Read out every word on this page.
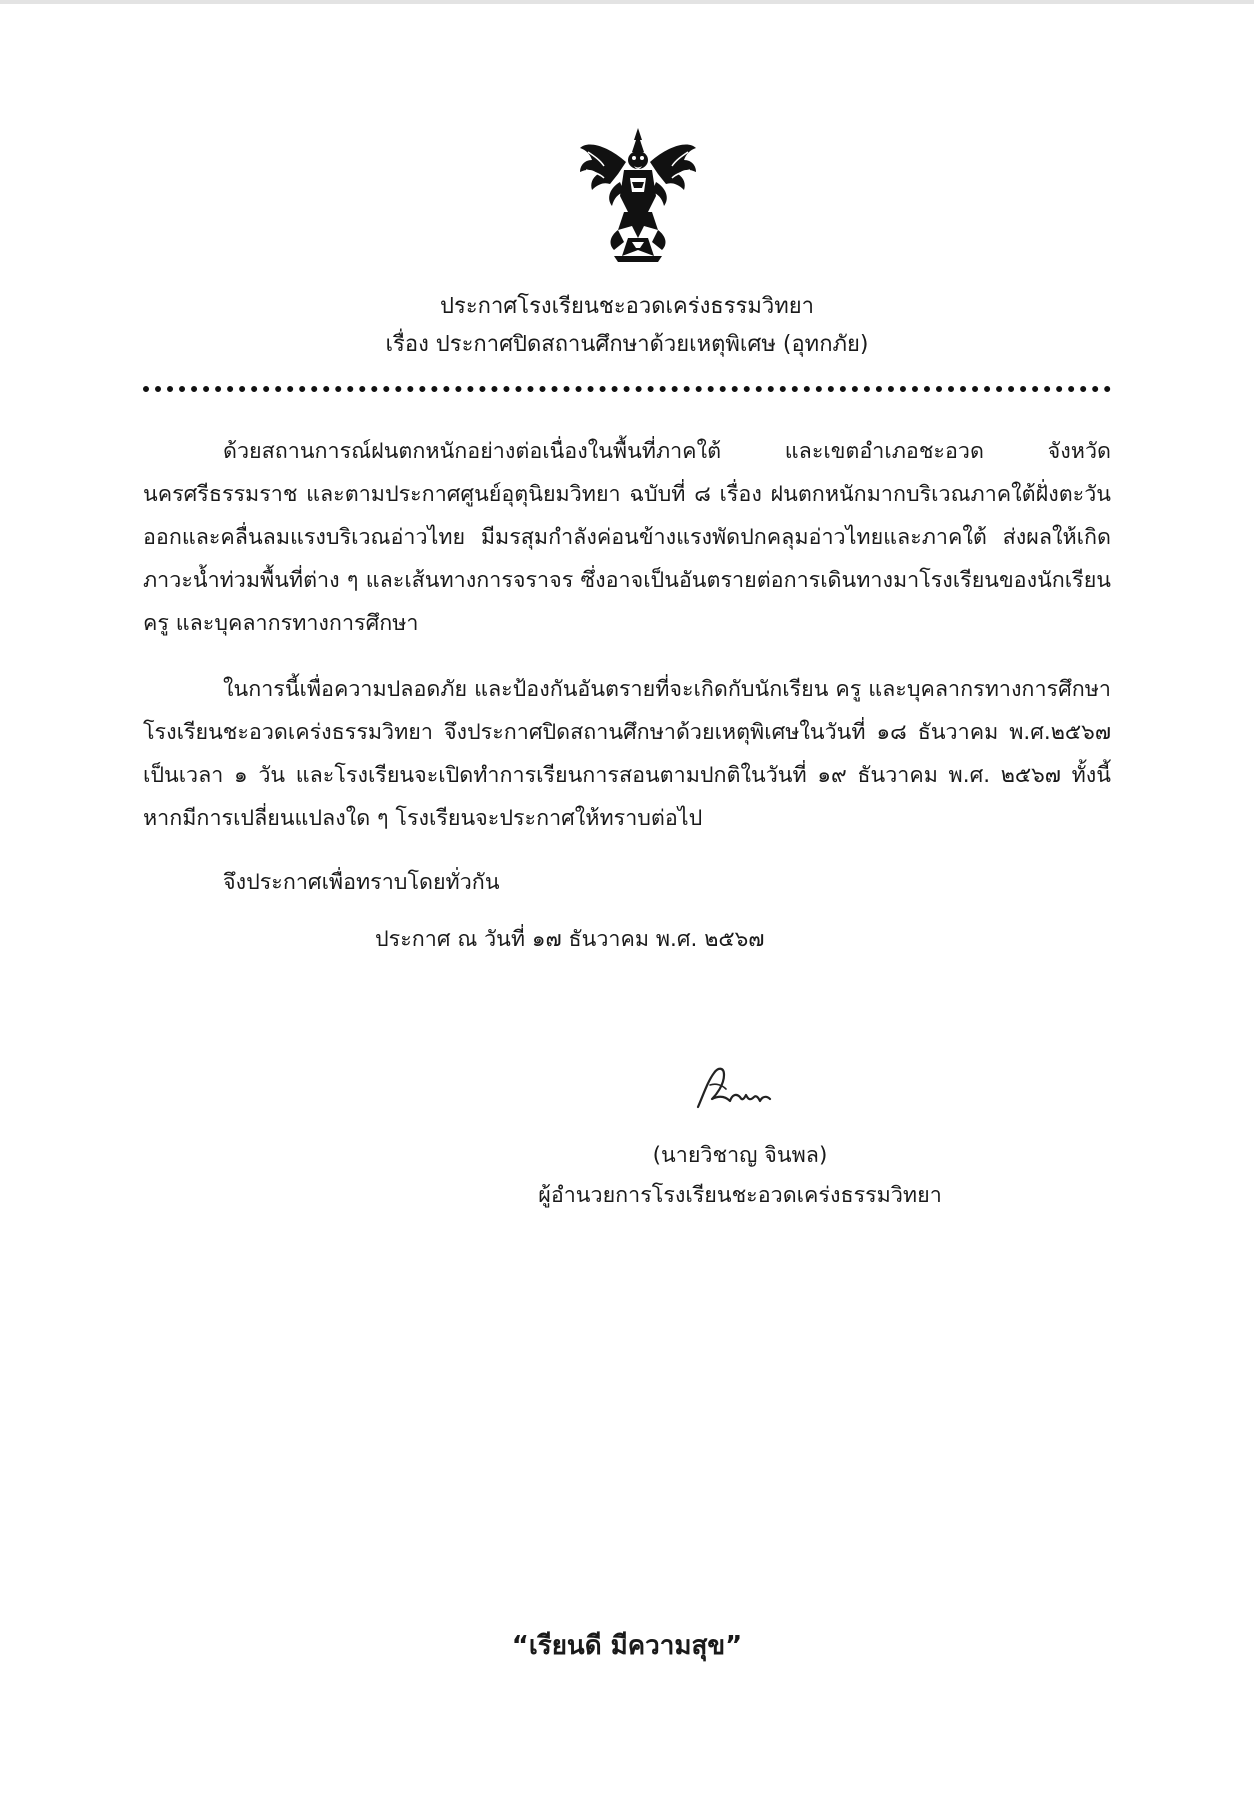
ประกาศโรงเรียนชะอวดเคร่งธรรมวิทยา
เรื่อง ประกาศปิดสถานศึกษาด้วยเหตุพิเศษ (อุทกภัย)

ด้วยสถานการณ์ฝนตกหนักอย่างต่อเนื่องในพื้นที่ภาคใต้ และเขตอำเภอชะอวด จังหวัดนครศรีธรรมราช และตามประกาศศูนย์อุตุนิยมวิทยา ฉบับที่ ๘ เรื่อง ฝนตกหนักมากบริเวณภาคใต้ฝั่งตะวันออกและคลื่นลมแรงบริเวณอ่าวไทย มีมรสุมกำลังค่อนข้างแรงพัดปกคลุมอ่าวไทยและภาคใต้ ส่งผลให้เกิดภาวะน้ำท่วมพื้นที่ต่าง ๆ และเส้นทางการจราจร ซึ่งอาจเป็นอันตรายต่อการเดินทางมาโรงเรียนของนักเรียน ครู และบุคลากรทางการศึกษา

ในการนี้เพื่อความปลอดภัย และป้องกันอันตรายที่จะเกิดกับนักเรียน ครู และบุคลากรทางการศึกษา โรงเรียนชะอวดเคร่งธรรมวิทยา จึงประกาศปิดสถานศึกษาด้วยเหตุพิเศษในวันที่ ๑๘ ธันวาคม พ.ศ.๒๕๖๗ เป็นเวลา ๑ วัน และโรงเรียนจะเปิดทำการเรียนการสอนตามปกติในวันที่ ๑๙ ธันวาคม พ.ศ. ๒๕๖๗ ทั้งนี้ หากมีการเปลี่ยนแปลงใด ๆ โรงเรียนจะประกาศให้ทราบต่อไป

จึงประกาศเพื่อทราบโดยทั่วกัน
ประกาศ ณ วันที่ ๑๗ ธันวาคม พ.ศ. ๒๕๖๗
(นายวิชาญ จินพล)
ผู้อำนวยการโรงเรียนชะอวดเคร่งธรรมวิทยา
“เรียนดี มีความสุข”
